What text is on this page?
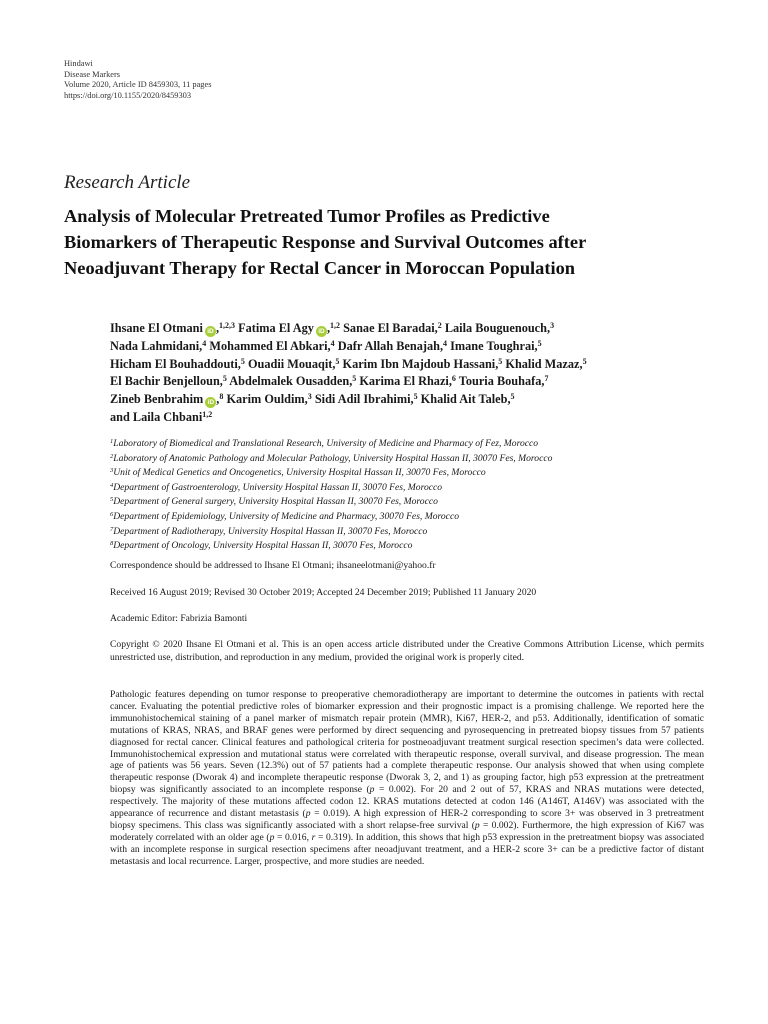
Hindawi
Disease Markers
Volume 2020, Article ID 8459303, 11 pages
https://doi.org/10.1155/2020/8459303
Research Article
Analysis of Molecular Pretreated Tumor Profiles as Predictive
Biomarkers of Therapeutic Response and Survival Outcomes after
Neoadjuvant Therapy for Rectal Cancer in Moroccan Population
Ihsane El Otmani iD ,$^{1,2,3}$ Fatima El Agy iD ,$^{1,2}$ Sanae El Baradai,$^2$ Laila Bouguenouch,$^3$
Nada Lahmidani,$^4$ Mohammed El Abkari,$^4$ Dafr Allah Benajah,$^4$ Imane Toughrai,$^5$
Hicham El Bouhaddouti,$^5$ Ouadii Mouaqit,$^5$ Karim Ibn Majdoub Hassani,$^5$ Khalid Mazaz,$^5$
El Bachir Benjelloun,$^5$ Abdelmalek Ousadden,$^5$ Karima El Rhazi,$^6$ Touria Bouhafa,$^7$
Zineb Benbrahim iD ,$^8$ Karim Ouldim,$^3$ Sidi Adil Ibrahimi,$^5$ Khalid Ait Taleb,$^5$
and Laila Chbani$^{1,2}$
$^1$Laboratory of Biomedical and Translational Research, University of Medicine and Pharmacy of Fez, Morocco
$^2$Laboratory of Anatomic Pathology and Molecular Pathology, University Hospital Hassan II, 30070 Fes, Morocco
$^3$Unit of Medical Genetics and Oncogenetics, University Hospital Hassan II, 30070 Fes, Morocco
$^4$Department of Gastroenterology, University Hospital Hassan II, 30070 Fes, Morocco
$^5$Department of General surgery, University Hospital Hassan II, 30070 Fes, Morocco
$^6$Department of Epidemiology, University of Medicine and Pharmacy, 30070 Fes, Morocco
$^7$Department of Radiotherapy, University Hospital Hassan II, 30070 Fes, Morocco
$^8$Department of Oncology, University Hospital Hassan II, 30070 Fes, Morocco
Correspondence should be addressed to Ihsane El Otmani; ihsaneelotmani@yahoo.fr
Received 16 August 2019; Revised 30 October 2019; Accepted 24 December 2019; Published 11 January 2020
Academic Editor: Fabrizia Bamonti
Copyright © 2020 Ihsane El Otmani et al. This is an open access article distributed under the Creative Commons Attribution License, which permits unrestricted use, distribution, and reproduction in any medium, provided the original work is properly cited.
Pathologic features depending on tumor response to preoperative chemoradiotherapy are important to determine the outcomes in patients with rectal cancer. Evaluating the potential predictive roles of biomarker expression and their prognostic impact is a promising challenge. We reported here the immunohistochemical staining of a panel marker of mismatch repair protein (MMR), Ki67, HER-2, and p53. Additionally, identification of somatic mutations of KRAS, NRAS, and BRAF genes were performed by direct sequencing and pyrosequencing in pretreated biopsy tissues from 57 patients diagnosed for rectal cancer. Clinical features and pathological criteria for postneoadjuvant treatment surgical resection specimen’s data were collected. Immunohistochemical expression and mutational status were correlated with therapeutic response, overall survival, and disease progression. The mean age of patients was 56 years. Seven (12.3%) out of 57 patients had a complete therapeutic response. Our analysis showed that when using complete therapeutic response (Dworak 4) and incomplete therapeutic response (Dworak 3, 2, and 1) as grouping factor, high p53 expression at the pretreatment biopsy was significantly associated to an incomplete response (p = 0.002). For 20 and 2 out of 57, KRAS and NRAS mutations were detected, respectively. The majority of these mutations affected codon 12. KRAS mutations detected at codon 146 (A146T, A146V) was associated with the appearance of recurrence and distant metastasis (p = 0.019). A high expression of HER-2 corresponding to score 3+ was observed in 3 pretreatment biopsy specimens. This class was significantly associated with a short relapse-free survival (p = 0.002). Furthermore, the high expression of Ki67 was moderately correlated with an older age (p = 0.016, r = 0.319). In addition, this shows that high p53 expression in the pretreatment biopsy was associated with an incomplete response in surgical resection specimens after neoadjuvant treatment, and a HER-2 score 3+ can be a predictive factor of distant metastasis and local recurrence. Larger, prospective, and more studies are needed.
